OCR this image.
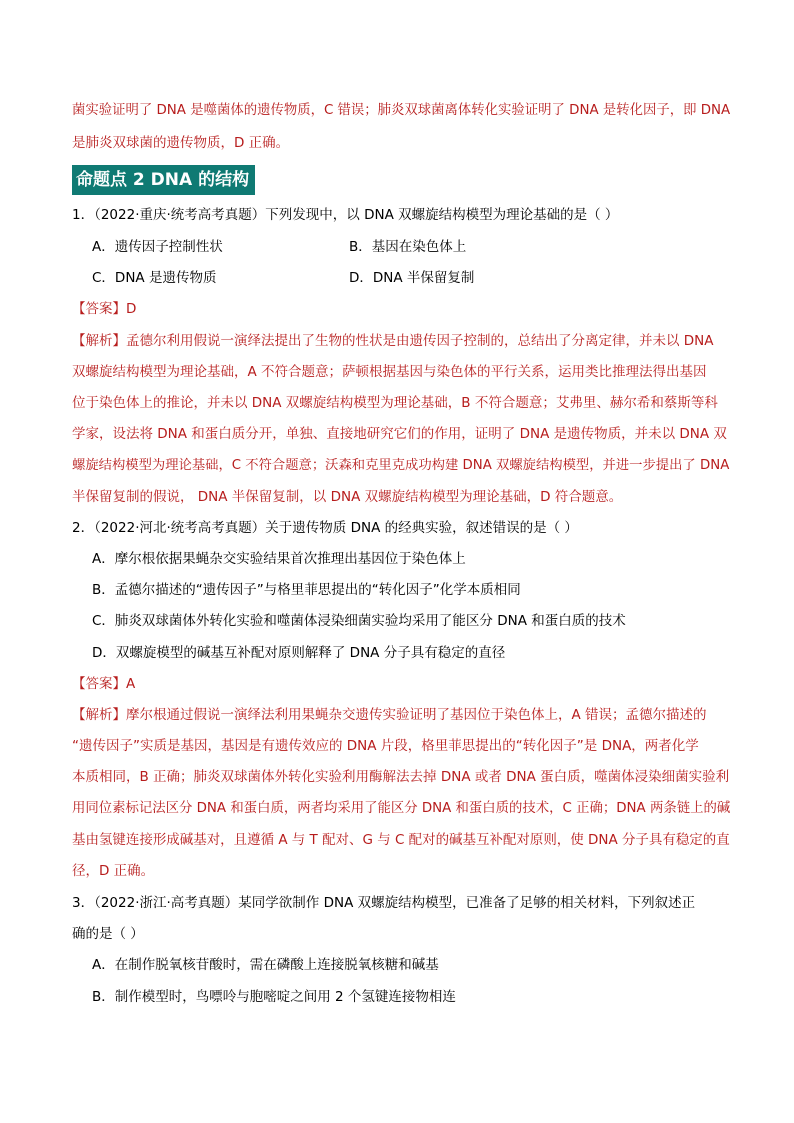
菌实验证明了 DNA 是噬菌体的遗传物质，C 错误；肺炎双球菌离体转化实验证明了 DNA 是转化因子，即 DNA
是肺炎双球菌的遗传物质，D 正确。
命题点 2 DNA 的结构
1．（2022·重庆·统考高考真题）下列发现中，以 DNA 双螺旋结构模型为理论基础的是（ ）
A．遗传因子控制性状	B．基因在染色体上
C．DNA 是遗传物质	D．DNA 半保留复制
【答案】D
【解析】孟德尔利用假说一演绎法提出了生物的性状是由遗传因子控制的，总结出了分离定律，并未以 DNA
双螺旋结构模型为理论基础，A 不符合题意；萨顿根据基因与染色体的平行关系，运用类比推理法得出基因
位于染色体上的推论，并未以 DNA 双螺旋结构模型为理论基础，B 不符合题意；艾弗里、赫尔希和蔡斯等科
学家，设法将 DNA 和蛋白质分开，单独、直接地研究它们的作用，证明了 DNA 是遗传物质，并未以 DNA 双
螺旋结构模型为理论基础，C 不符合题意；沃森和克里克成功构建 DNA 双螺旋结构模型，并进一步提出了 DNA
半保留复制的假说， DNA 半保留复制，以 DNA 双螺旋结构模型为理论基础，D 符合题意。
2．（2022·河北·统考高考真题）关于遗传物质 DNA 的经典实验，叙述错误的是（ ）
A．摩尔根依据果蝇杂交实验结果首次推理出基因位于染色体上
B．孟德尔描述的“遗传因子”与格里菲思提出的“转化因子”化学本质相同
C．肺炎双球菌体外转化实验和噬菌体浸染细菌实验均采用了能区分 DNA 和蛋白质的技术
D．双螺旋模型的碱基互补配对原则解释了 DNA 分子具有稳定的直径
【答案】A
【解析】摩尔根通过假说一演绎法利用果蝇杂交遗传实验证明了基因位于染色体上，A 错误；孟德尔描述的
“遗传因子”实质是基因，基因是有遗传效应的 DNA 片段，格里菲思提出的“转化因子”是 DNA，两者化学
本质相同，B 正确；肺炎双球菌体外转化实验利用酶解法去掉 DNA 或者 DNA 蛋白质，噬菌体浸染细菌实验利
用同位素标记法区分 DNA 和蛋白质，两者均采用了能区分 DNA 和蛋白质的技术，C 正确；DNA 两条链上的碱
基由氢键连接形成碱基对，且遵循 A 与 T 配对、G 与 C 配对的碱基互补配对原则，使 DNA 分子具有稳定的直
径，D 正确。
3．（2022·浙江·高考真题）某同学欲制作 DNA 双螺旋结构模型，已准备了足够的相关材料，下列叙述正
确的是（ ）
A．在制作脱氧核苷酸时，需在磷酸上连接脱氧核糖和碱基
B．制作模型时，鸟嘌呤与胞嘧啶之间用 2 个氢键连接物相连
